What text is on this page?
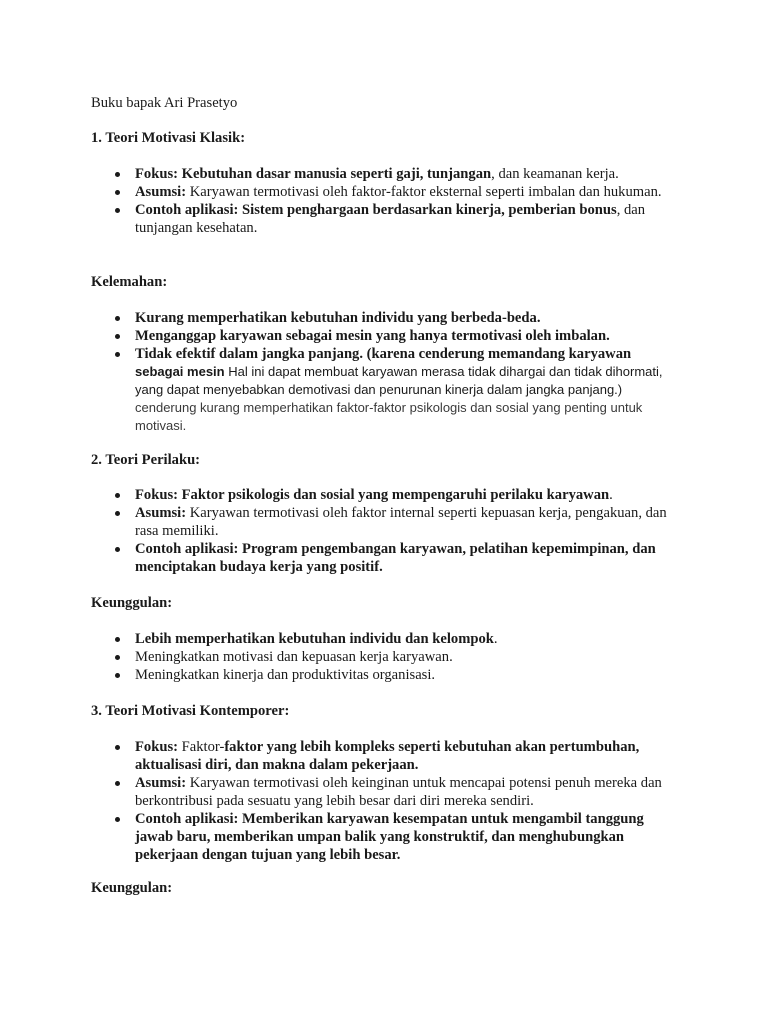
Buku bapak Ari Prasetyo

1. Teori Motivasi Klasik:

Fokus: Kebutuhan dasar manusia seperti gaji, tunjangan, dan keamanan kerja.
Asumsi: Karyawan termotivasi oleh faktor-faktor eksternal seperti imbalan dan hukuman.
Contoh aplikasi: Sistem penghargaan berdasarkan kinerja, pemberian bonus, dan tunjangan kesehatan.

Kelemahan:

Kurang memperhatikan kebutuhan individu yang berbeda-beda.
Menganggap karyawan sebagai mesin yang hanya termotivasi oleh imbalan.
Tidak efektif dalam jangka panjang. (karena cenderung memandang karyawan sebagai mesin Hal ini dapat membuat karyawan merasa tidak dihargai dan tidak dihormati, yang dapat menyebabkan demotivasi dan penurunan kinerja dalam jangka panjang.)
cenderung kurang memperhatikan faktor-faktor psikologis dan sosial yang penting untuk motivasi.

2. Teori Perilaku:

Fokus: Faktor psikologis dan sosial yang mempengaruhi perilaku karyawan.
Asumsi: Karyawan termotivasi oleh faktor internal seperti kepuasan kerja, pengakuan, dan rasa memiliki.
Contoh aplikasi: Program pengembangan karyawan, pelatihan kepemimpinan, dan menciptakan budaya kerja yang positif.

Keunggulan:

Lebih memperhatikan kebutuhan individu dan kelompok.
Meningkatkan motivasi dan kepuasan kerja karyawan.
Meningkatkan kinerja dan produktivitas organisasi.

3. Teori Motivasi Kontemporer:

Fokus: Faktor-faktor yang lebih kompleks seperti kebutuhan akan pertumbuhan, aktualisasi diri, dan makna dalam pekerjaan.
Asumsi: Karyawan termotivasi oleh keinginan untuk mencapai potensi penuh mereka dan berkontribusi pada sesuatu yang lebih besar dari diri mereka sendiri.
Contoh aplikasi: Memberikan karyawan kesempatan untuk mengambil tanggung jawab baru, memberikan umpan balik yang konstruktif, dan menghubungkan pekerjaan dengan tujuan yang lebih besar.

Keunggulan:
